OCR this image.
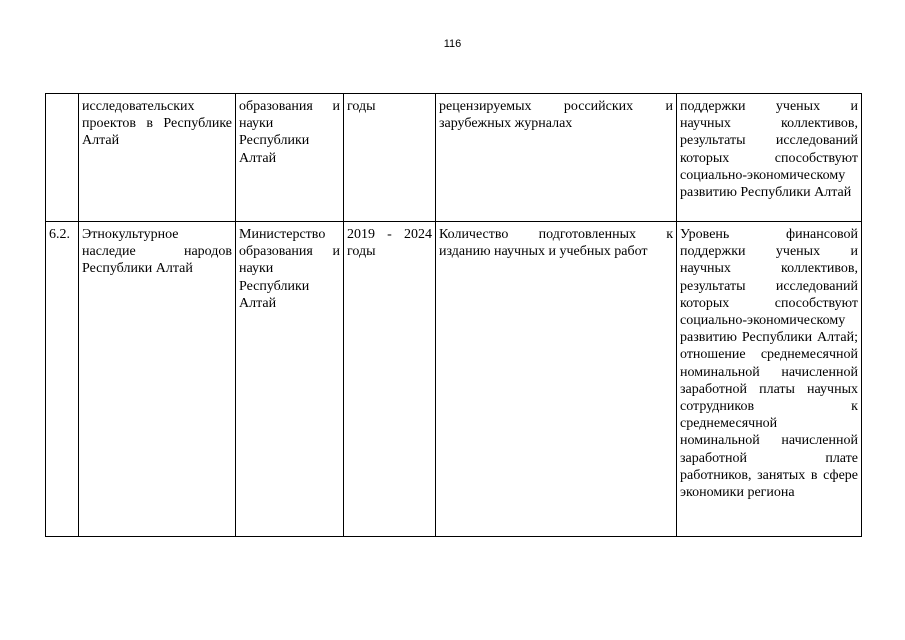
116
	исследовательских проектов в Республике Алтай	образования и науки Республики Алтай	годы	рецензируемых российских и зарубежных журналах	поддержки ученых и научных коллективов, результаты исследований которых способствуют социально-экономическому развитию Республики Алтай
6.2.	Этнокультурное наследие народов Республики Алтай	Министерство образования и науки Республики Алтай	2019 - 2024 годы	Количество подготовленных к изданию научных и учебных работ	Уровень финансовой поддержки ученых и научных коллективов, результаты исследований которых способствуют социально-экономическому развитию Республики Алтай; отношение среднемесячной номинальной начисленной заработной платы научных сотрудников к среднемесячной номинальной начисленной заработной плате работников, занятых в сфере экономики региона
